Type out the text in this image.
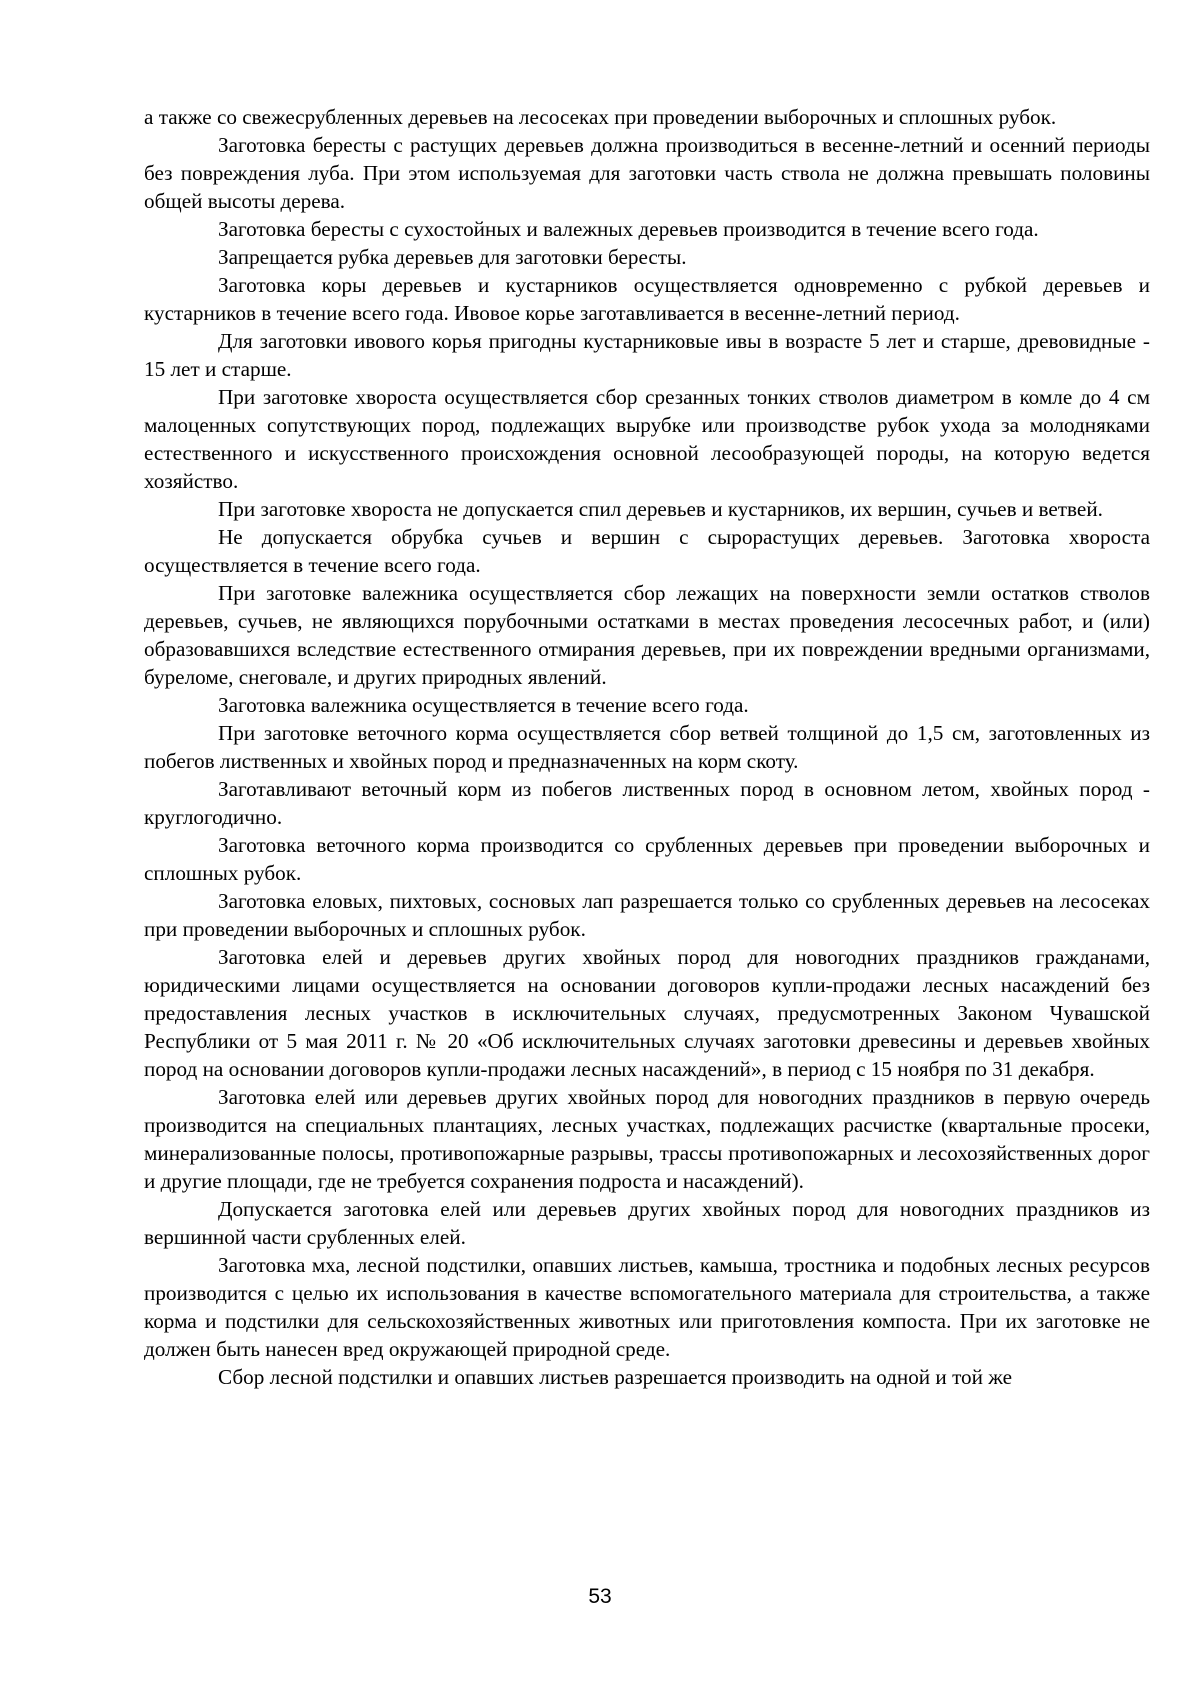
а также со свежесрубленных деревьев на лесосеках при проведении выборочных и сплошных рубок.

Заготовка бересты с растущих деревьев должна производиться в весенне-летний и осенний периоды без повреждения луба. При этом используемая для заготовки часть ствола не должна превышать половины общей высоты дерева.

Заготовка бересты с сухостойных и валежных деревьев производится в течение всего года.

Запрещается рубка деревьев для заготовки бересты.

Заготовка коры деревьев и кустарников осуществляется одновременно с рубкой деревьев и кустарников в течение всего года. Ивовое корье заготавливается в весенне-летний период.

Для заготовки ивового корья пригодны кустарниковые ивы в возрасте 5 лет и старше, древовидные - 15 лет и старше.

При заготовке хвороста осуществляется сбор срезанных тонких стволов диаметром в комле до 4 см малоценных сопутствующих пород, подлежащих вырубке или производстве рубок ухода за молодняками естественного и искусственного происхождения основной лесообразующей породы, на которую ведется хозяйство.

При заготовке хвороста не допускается спил деревьев и кустарников, их вершин, сучьев и ветвей.

Не допускается обрубка сучьев и вершин с сырорастущих деревьев. Заготовка хвороста осуществляется в течение всего года.

При заготовке валежника осуществляется сбор лежащих на поверхности земли остатков стволов деревьев, сучьев, не являющихся порубочными остатками в местах проведения лесосечных работ, и (или) образовавшихся вследствие естественного отмирания деревьев, при их повреждении вредными организмами, буреломе, снеговале, и других природных явлений.

Заготовка валежника осуществляется в течение всего года.

При заготовке веточного корма осуществляется сбор ветвей толщиной до 1,5 см, заготовленных из побегов лиственных и хвойных пород и предназначенных на корм скоту.

Заготавливают веточный корм из побегов лиственных пород в основном летом, хвойных пород - круглогодично.

Заготовка веточного корма производится со срубленных деревьев при проведении выборочных и сплошных рубок.

Заготовка еловых, пихтовых, сосновых лап разрешается только со срубленных деревьев на лесосеках при проведении выборочных и сплошных рубок.

Заготовка елей и деревьев других хвойных пород для новогодних праздников гражданами, юридическими лицами осуществляется на основании договоров купли-продажи лесных насаждений без предоставления лесных участков в исключительных случаях, предусмотренных Законом Чувашской Республики от 5 мая 2011 г. № 20 «Об исключительных случаях заготовки древесины и деревьев хвойных пород на основании договоров купли-продажи лесных насаждений», в период с 15 ноября по 31 декабря.

Заготовка елей или деревьев других хвойных пород для новогодних праздников в первую очередь производится на специальных плантациях, лесных участках, подлежащих расчистке (квартальные просеки, минерализованные полосы, противопожарные разрывы, трассы противопожарных и лесохозяйственных дорог и другие площади, где не требуется сохранения подроста и насаждений).

Допускается заготовка елей или деревьев других хвойных пород для новогодних праздников из вершинной части срубленных елей.

Заготовка мха, лесной подстилки, опавших листьев, камыша, тростника и подобных лесных ресурсов производится с целью их использования в качестве вспомогательного материала для строительства, а также корма и подстилки для сельскохозяйственных животных или приготовления компоста. При их заготовке не должен быть нанесен вред окружающей природной среде.

Сбор лесной подстилки и опавших листьев разрешается производить на одной и той же

53
